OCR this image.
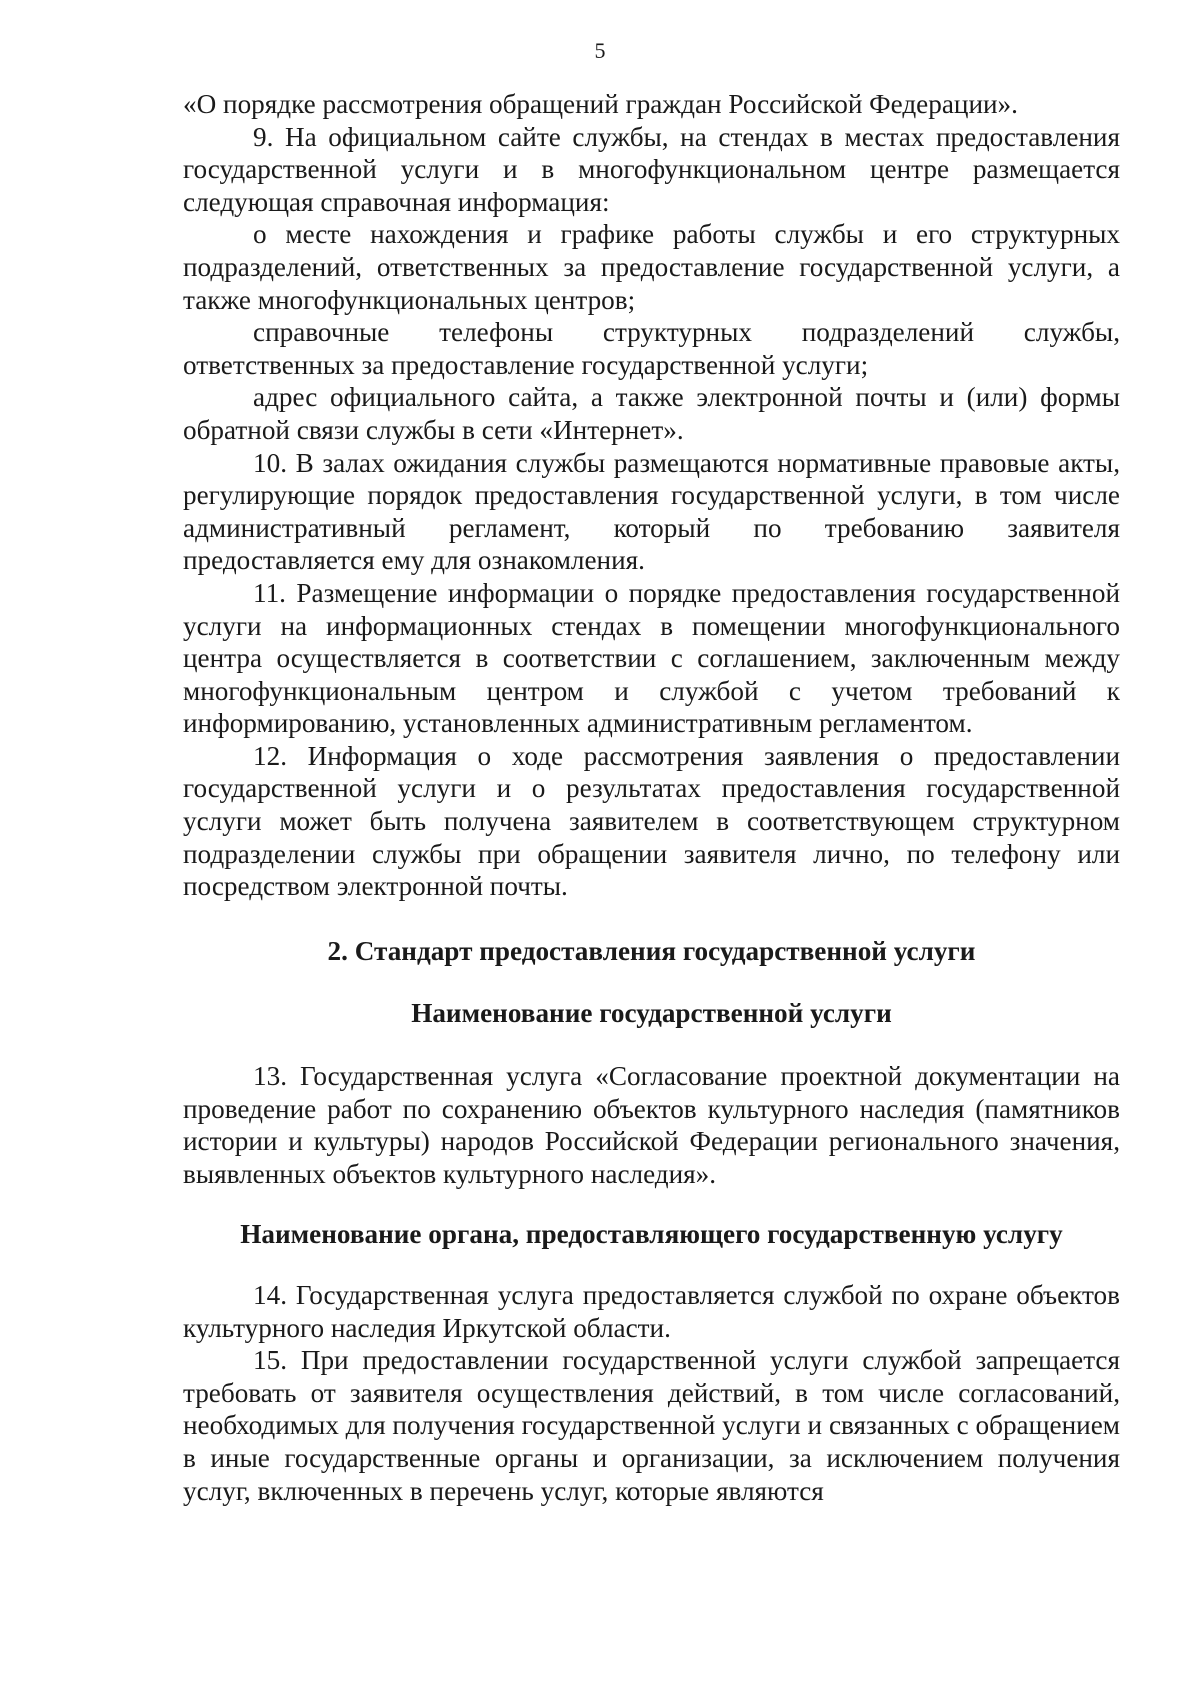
5

«О порядке рассмотрения обращений граждан Российской Федерации».

9. На официальном сайте службы, на стендах в местах предоставления государственной услуги и в многофункциональном центре размещается следующая справочная информация:

о месте нахождения и графике работы службы и его структурных подразделений, ответственных за предоставление государственной услуги, а также многофункциональных центров;

справочные телефоны структурных подразделений службы, ответственных за предоставление государственной услуги;

адрес официального сайта, а также электронной почты и (или) формы обратной связи службы в сети «Интернет».

10. В залах ожидания службы размещаются нормативные правовые акты, регулирующие порядок предоставления государственной услуги, в том числе административный регламент, который по требованию заявителя предоставляется ему для ознакомления.

11. Размещение информации о порядке предоставления государственной услуги на информационных стендах в помещении многофункционального центра осуществляется в соответствии с соглашением, заключенным между многофункциональным центром и службой с учетом требований к информированию, установленных административным регламентом.

12. Информация о ходе рассмотрения заявления о предоставлении государственной услуги и о результатах предоставления государственной услуги может быть получена заявителем в соответствующем структурном подразделении службы при обращении заявителя лично, по телефону или посредством электронной почты.

2. Стандарт предоставления государственной услуги

Наименование государственной услуги

13. Государственная услуга «Согласование проектной документации на проведение работ по сохранению объектов культурного наследия (памятников истории и культуры) народов Российской Федерации регионального значения, выявленных объектов культурного наследия».

Наименование органа, предоставляющего государственную услугу

14. Государственная услуга предоставляется службой по охране объектов культурного наследия Иркутской области.

15. При предоставлении государственной услуги службой запрещается требовать от заявителя осуществления действий, в том числе согласований, необходимых для получения государственной услуги и связанных с обращением в иные государственные органы и организации, за исключением получения услуг, включенных в перечень услуг, которые являются
